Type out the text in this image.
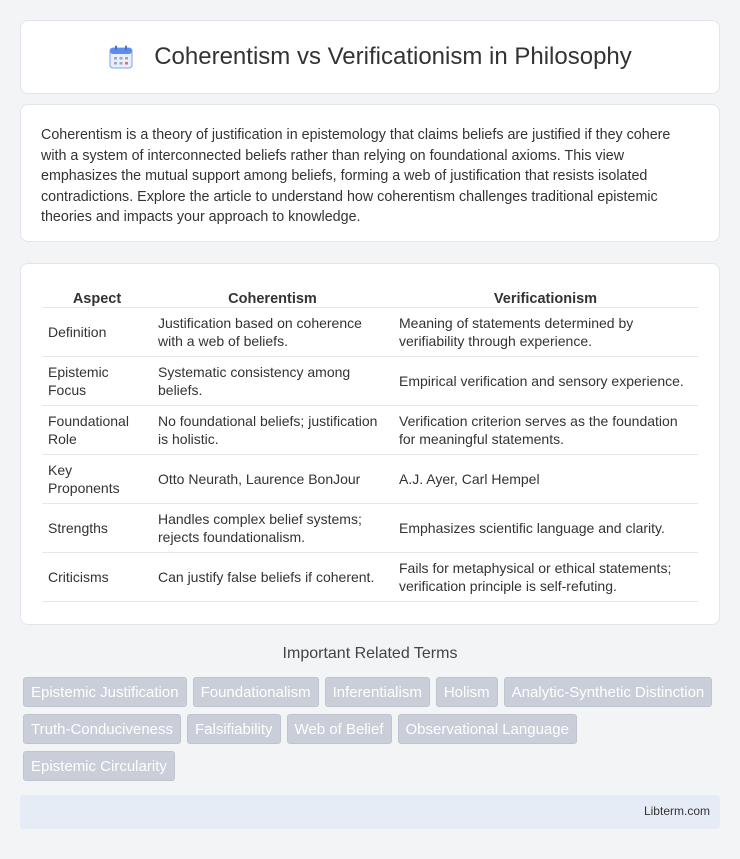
Coherentism vs Verificationism in Philosophy

Coherentism is a theory of justification in epistemology that claims beliefs are justified if they cohere with a system of interconnected beliefs rather than relying on foundational axioms. This view emphasizes the mutual support among beliefs, forming a web of justification that resists isolated contradictions. Explore the article to understand how coherentism challenges traditional epistemic theories and impacts your approach to knowledge.

Aspect	Coherentism	Verificationism
Definition	Justification based on coherence with a web of beliefs.	Meaning of statements determined by verifiability through experience.
Epistemic Focus	Systematic consistency among beliefs.	Empirical verification and sensory experience.
Foundational Role	No foundational beliefs; justification is holistic.	Verification criterion serves as the foundation for meaningful statements.
Key Proponents	Otto Neurath, Laurence BonJour	A.J. Ayer, Carl Hempel
Strengths	Handles complex belief systems; rejects foundationalism.	Emphasizes scientific language and clarity.
Criticisms	Can justify false beliefs if coherent.	Fails for metaphysical or ethical statements; verification principle is self-refuting.
Important Related Terms
Epistemic Justification	Foundationalism	Inferentialism	Holism	Analytic-Synthetic Distinction
Truth-Conduciveness	Falsifiability	Web of Belief	Observational Language
Epistemic Circularity
Libterm.com
